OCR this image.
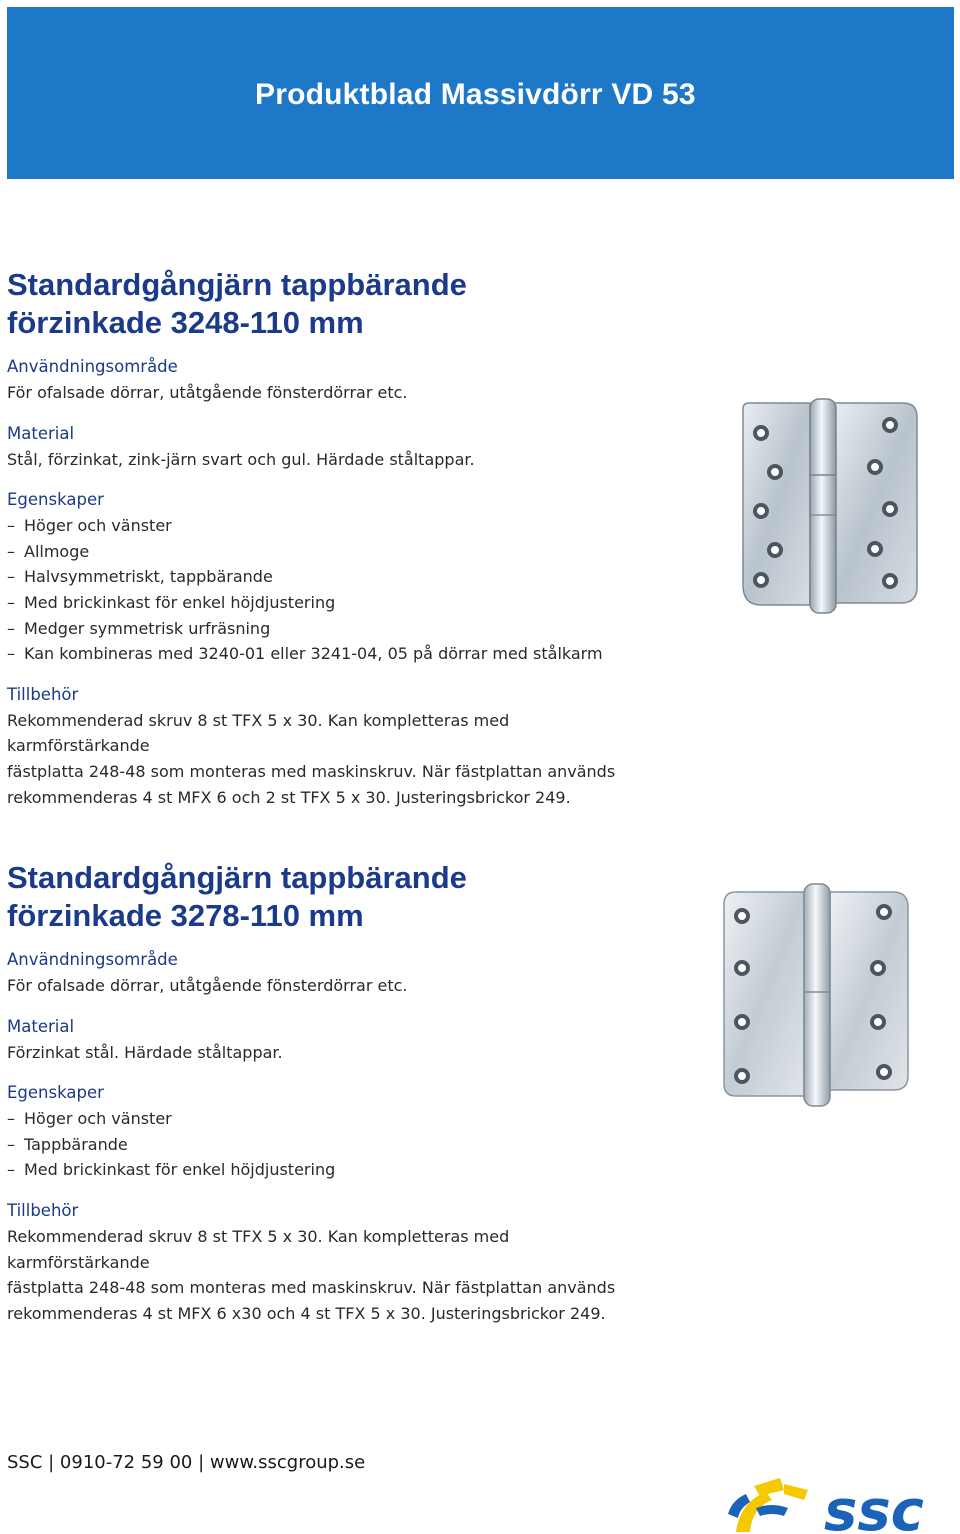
Produktblad Massivdörr VD 53
Standardgångjärn tappbärande
förzinkade 3248-110 mm
Användningsområde
För ofalsade dörrar, utåtgående fönsterdörrar etc.
Material
Stål, förzinkat, zink-järn svart och gul. Härdade ståltappar.
Egenskaper
– Höger och vänster
– Allmoge
– Halvsymmetriskt, tappbärande
– Med brickinkast för enkel höjdjustering
– Medger symmetrisk urfräsning
– Kan kombineras med 3240-01 eller 3241-04, 05 på dörrar med stålkarm
Tillbehör
Rekommenderad skruv 8 st TFX 5 x 30. Kan kompletteras med karmförstärkande
fästplatta 248-48 som monteras med maskinskruv. När fästplattan används
rekommenderas 4 st MFX 6 och 2 st TFX 5 x 30. Justeringsbrickor 249.
Standardgångjärn tappbärande
förzinkade 3278-110 mm
Användningsområde
För ofalsade dörrar, utåtgående fönsterdörrar etc.
Material
Förzinkat stål. Härdade ståltappar.
Egenskaper
– Höger och vänster
– Tappbärande
– Med brickinkast för enkel höjdjustering
Tillbehör
Rekommenderad skruv 8 st TFX 5 x 30. Kan kompletteras med karmförstärkande
fästplatta 248-48 som monteras med maskinskruv. När fästplattan används
rekommenderas 4 st MFX 6 x30 och 4 st TFX 5 x 30. Justeringsbrickor 249.
SSC | 0910-72 59 00 | www.sscgroup.se
ssc
